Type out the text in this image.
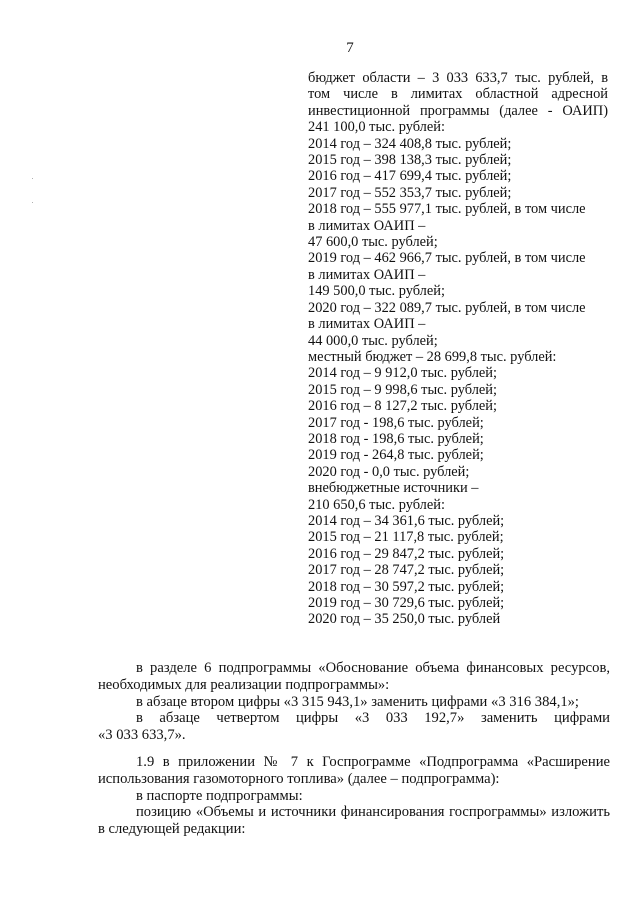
7
бюджет области – 3 033 633,7 тыс. рублей, в
том числе в лимитах областной адресной
инвестиционной программы (далее - ОАИП)
241 100,0 тыс. рублей:
2014 год – 324 408,8 тыс. рублей;
2015 год – 398 138,3 тыс. рублей;
2016 год – 417 699,4 тыс. рублей;
2017 год – 552 353,7 тыс. рублей;
2018 год – 555 977,1 тыс. рублей, в том числе
в лимитах ОАИП –
47 600,0 тыс. рублей;
2019 год – 462 966,7 тыс. рублей, в том числе
в лимитах ОАИП –
149 500,0 тыс. рублей;
2020 год – 322 089,7 тыс. рублей, в том числе
в лимитах ОАИП –
44 000,0 тыс. рублей;
местный бюджет – 28 699,8 тыс. рублей:
2014 год – 9 912,0 тыс. рублей;
2015 год – 9 998,6 тыс. рублей;
2016 год – 8 127,2 тыс. рублей;
2017 год - 198,6 тыс. рублей;
2018 год - 198,6 тыс. рублей;
2019 год - 264,8 тыс. рублей;
2020 год - 0,0 тыс. рублей;
внебюджетные источники –
210 650,6 тыс. рублей:
2014 год – 34 361,6 тыс. рублей;
2015 год – 21 117,8 тыс. рублей;
2016 год – 29 847,2 тыс. рублей;
2017 год – 28 747,2 тыс. рублей;
2018 год – 30 597,2 тыс. рублей;
2019 год – 30 729,6 тыс. рублей;
2020 год – 35 250,0 тыс. рублей
в разделе 6 подпрограммы «Обоснование объема финансовых ресурсов, необходимых для реализации подпрограммы»:
в абзаце втором цифры «3 315 943,1» заменить цифрами «3 316 384,1»;
в абзаце четвертом цифры «3 033 192,7» заменить цифрами
«3 033 633,7».
1.9 в приложении № 7 к Госпрограмме «Подпрограмма «Расширение использования газомоторного топлива» (далее – подпрограмма):
в паспорте подпрограммы:
позицию «Объемы и источники финансирования госпрограммы» изложить в следующей редакции:
